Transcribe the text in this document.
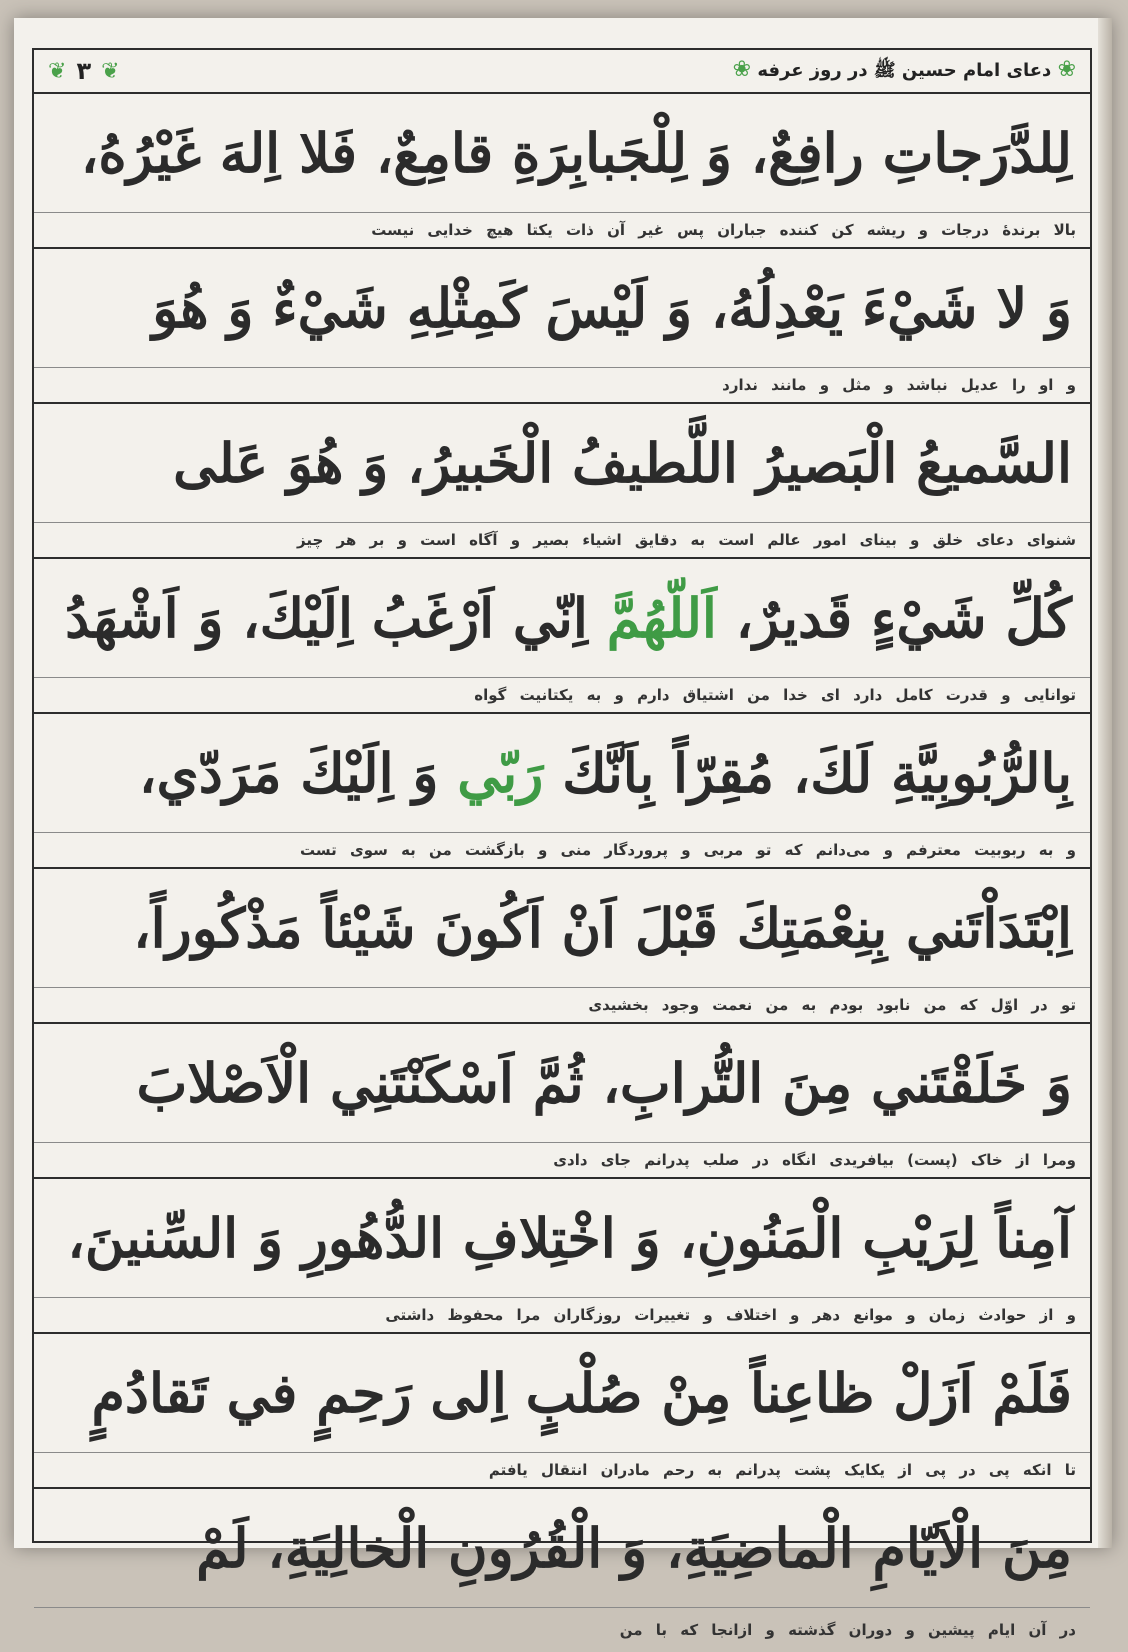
❀ دعای امام حسین ﷺ در روز عرفه ❀
❦
۳
❦
لِلدَّرَجاتِ رافِعٌ، وَ لِلْجَبابِرَةِ قامِعٌ، فَلا اِلهَ غَيْرُهُ،
بالا برندهٔ درجات و ریشه کن کننده جباران پس غیر آن ذات یکتا هیچ خدایی نیست
وَ لا شَيْءَ يَعْدِلُهُ، وَ لَيْسَ كَمِثْلِهِ شَيْءٌ وَ هُوَ
و او را عدیل نباشد و مثل و مانند ندارد
السَّميعُ الْبَصيرُ اللَّطيفُ الْخَبيرُ، وَ هُوَ عَلى
شنوای دعای خلق و بینای امور عالم است به دقایق اشیاء بصیر و آگاه است و بر هر چیز
كُلِّ شَيْءٍ قَديرٌ، اَللّهُمَّ اِنّي اَرْغَبُ اِلَيْكَ، وَ اَشْهَدُ
توانایی و قدرت کامل دارد ای خدا من اشتیاق دارم و به یکتانیت گواه
بِالرُّبُوبِيَّةِ لَكَ، مُقِرّاً بِاَنَّكَ رَبّي وَ اِلَيْكَ مَرَدّي،
و به ربوبیت معترفم و می‌دانم که تو مربی و پروردگار منی و بازگشت من به سوی تست
اِبْتَدَاْتَني بِنِعْمَتِكَ قَبْلَ اَنْ اَكُونَ شَيْئاً مَذْكُوراً،
تو در اوّل که من نابود بودم به من نعمت وجود بخشیدی
وَ خَلَقْتَني مِنَ التُّرابِ، ثُمَّ اَسْكَنْتَنِي الْاَصْلابَ
ومرا از خاک (پست) بیافریدی انگاه در صلب پدرانم جای دادی
آمِناً لِرَيْبِ الْمَنُونِ، وَ اخْتِلافِ الدُّهُورِ وَ السِّنينَ،
و از حوادث زمان و موانع دهر و اختلاف و تغییرات روزگاران مرا محفوظ داشتی
فَلَمْ اَزَلْ ظاعِناً مِنْ صُلْبٍ اِلى رَحِمٍ في تَقادُمٍ
تا انکه پی در پی از یکایک پشت پدرانم به رحم مادران انتقال یافتم
مِنَ الْاَيّامِ الْماضِيَةِ، وَ الْقُرُونِ الْخالِيَةِ، لَمْ
در آن ایام پیشین و دوران گذشته و ازانجا که با من
